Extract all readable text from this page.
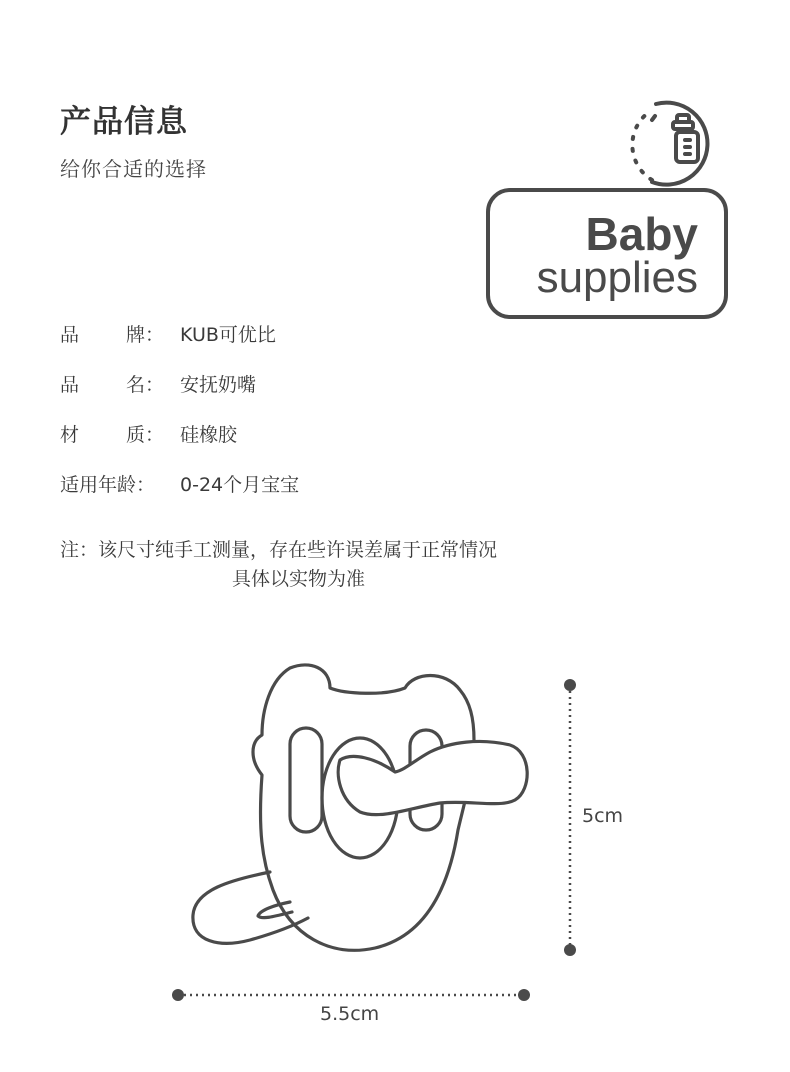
产品信息
给你合适的选择
Baby
supplies
品 牌： KUB可优比
品 名： 安抚奶嘴
材 质： 硅橡胶
适用年龄： 0-24个月宝宝
注：该尺寸纯手工测量，存在些许误差属于正常情况
具体以实物为准
5cm
5.5cm
